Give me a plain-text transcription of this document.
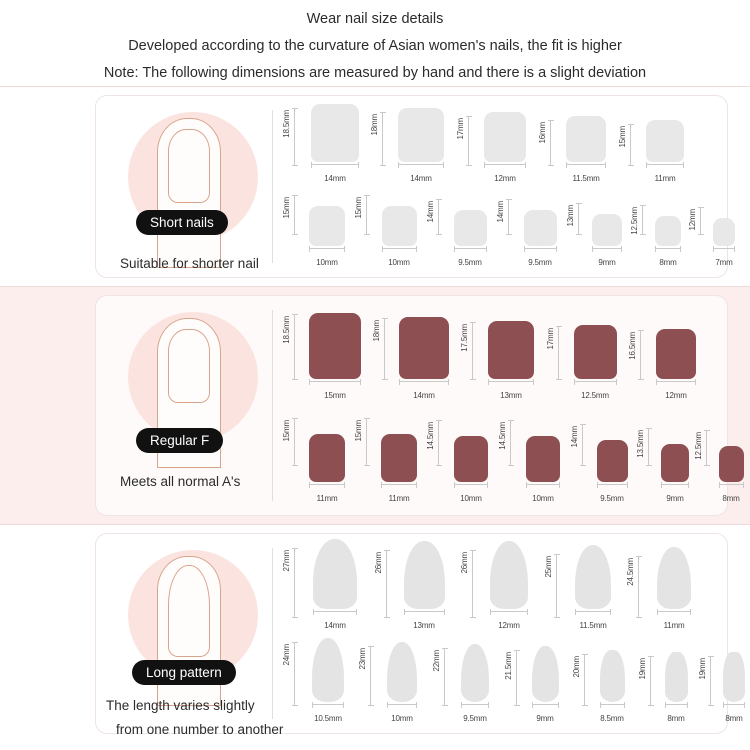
Wear nail size details
Developed according to the curvature of Asian women's nails, the fit is higher
Note: The following dimensions are measured by hand and there is a slight deviation
Short nails
Suitable for shorter nail
18.5mm
14mm
18mm
14mm
17mm
12mm
16mm
11.5mm
15mm
11mm
15mm
10mm
15mm
10mm
14mm
9.5mm
14mm
9.5mm
13mm
9mm
12.5mm
8mm
12mm
7mm
Regular F
Meets all normal A's
18.5mm
15mm
18mm
14mm
17.5mm
13mm
17mm
12.5mm
16.5mm
12mm
15mm
11mm
15mm
11mm
14.5mm
10mm
14.5mm
10mm
14mm
9.5mm
13.5mm
9mm
12.5mm
8mm
Long pattern
The length varies slightly
from one number to another
27mm
14mm
26mm
13mm
26mm
12mm
25mm
11.5mm
24.5mm
11mm
24mm
10.5mm
23mm
10mm
22mm
9.5mm
21.5mm
9mm
20mm
8.5mm
19mm
8mm
19mm
8mm
